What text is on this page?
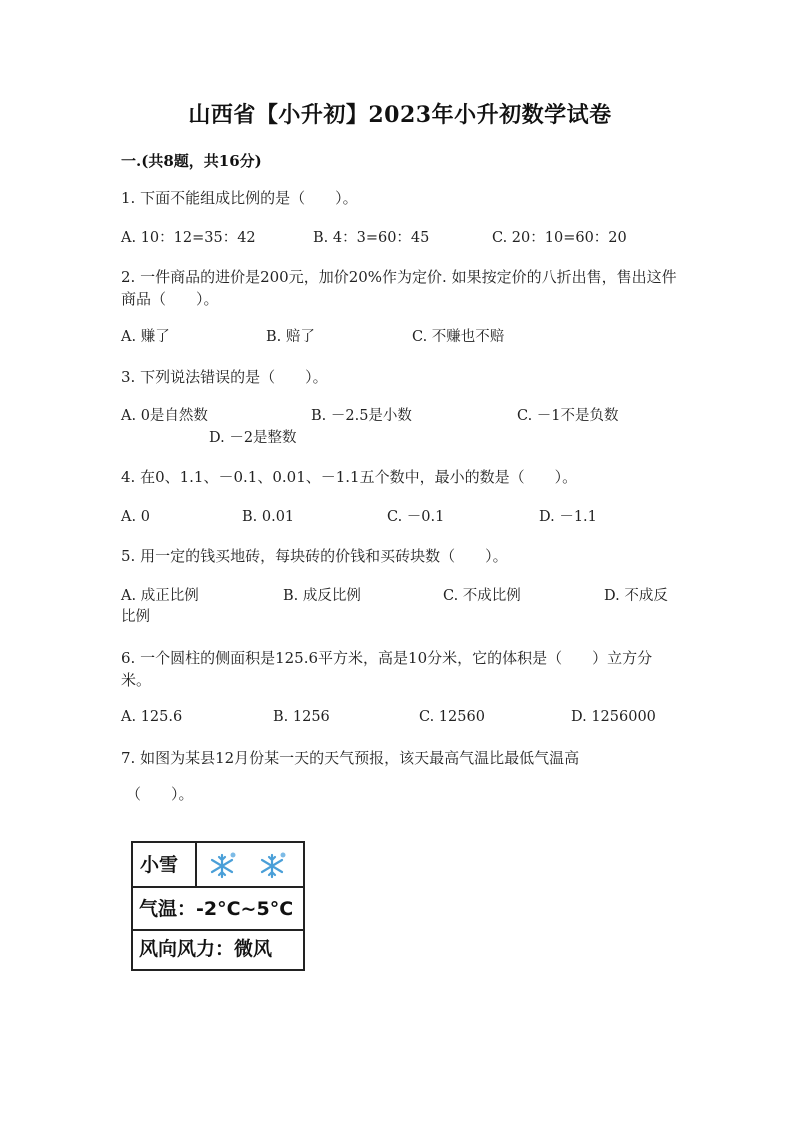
山西省【小升初】2023年小升初数学试卷
一.(共8题，共16分)
1. 下面不能组成比例的是（　　）。
A. 10：12=35：42	B. 4：3=60：45	C. 20：10=60：20
2. 一件商品的进价是200元，加价20%作为定价. 如果按定价的八折出售，售出这件商品（　　）。
A. 赚了	B. 赔了	C. 不赚也不赔
3. 下列说法错误的是（　　）。
A. 0是自然数	B. －2.5是小数	C. －1不是负数
D. －2是整数
4. 在0、1.1、－0.1、0.01、－1.1五个数中，最小的数是（　　）。
A. 0	B. 0.01	C. －0.1	D. －1.1
5. 用一定的钱买地砖，每块砖的价钱和买砖块数（　　）。
A. 成正比例	B. 成反比例	C. 不成比例	D. 不成反
比例
6. 一个圆柱的侧面积是125.6平方米，高是10分米，它的体积是（　　）立方分米。
A. 125.6	B. 1256	C. 12560	D. 1256000
7. 如图为某县12月份某一天的天气预报，该天最高气温比最低气温高
（　　）。
小雪
气温：-2°C~5°C
风向风力：微风
